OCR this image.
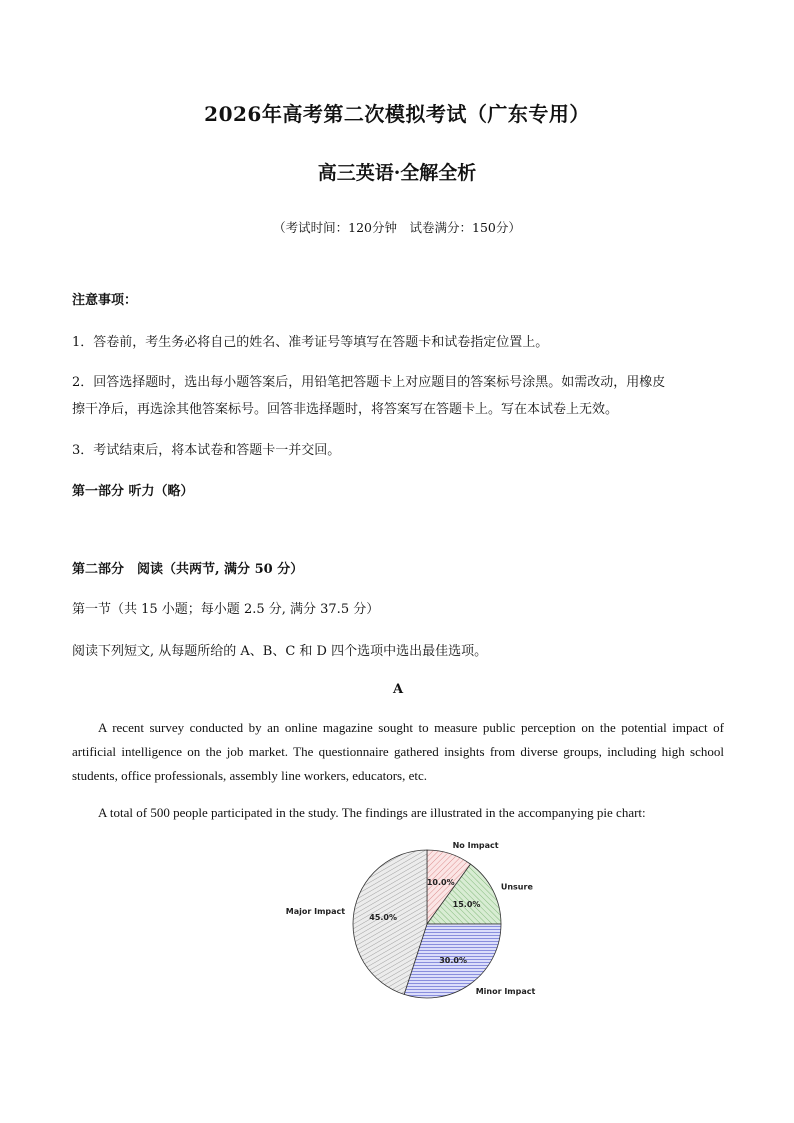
2026年高考第二次模拟考试（广东专用）
高三英语·全解全析
（考试时间：120分钟　试卷满分：150分）
注意事项：
1．答卷前，考生务必将自己的姓名、准考证号等填写在答题卡和试卷指定位置上。
2．回答选择题时，选出每小题答案后，用铅笔把答题卡上对应题目的答案标号涂黑。如需改动，用橡皮
擦干净后，再选涂其他答案标号。回答非选择题时，将答案写在答题卡上。写在本试卷上无效。
3．考试结束后，将本试卷和答题卡一并交回。
第一部分 听力（略）
第二部分　阅读（共两节, 满分 50 分）
第一节（共 15 小题；每小题 2.5 分, 满分 37.5 分）
阅读下列短文, 从每题所给的 A、B、C 和 D 四个选项中选出最佳选项。
A
A recent survey conducted by an online magazine sought to measure public perception on the potential impact of artificial intelligence on the job market. The questionnaire gathered insights from diverse groups, including high school students, office professionals, assembly line workers, educators, etc.
A total of 500 people participated in the study. The findings are illustrated in the accompanying pie chart:
10.0%
No Impact
15.0%
Unsure
30.0%
Minor Impact
45.0%
Major Impact
